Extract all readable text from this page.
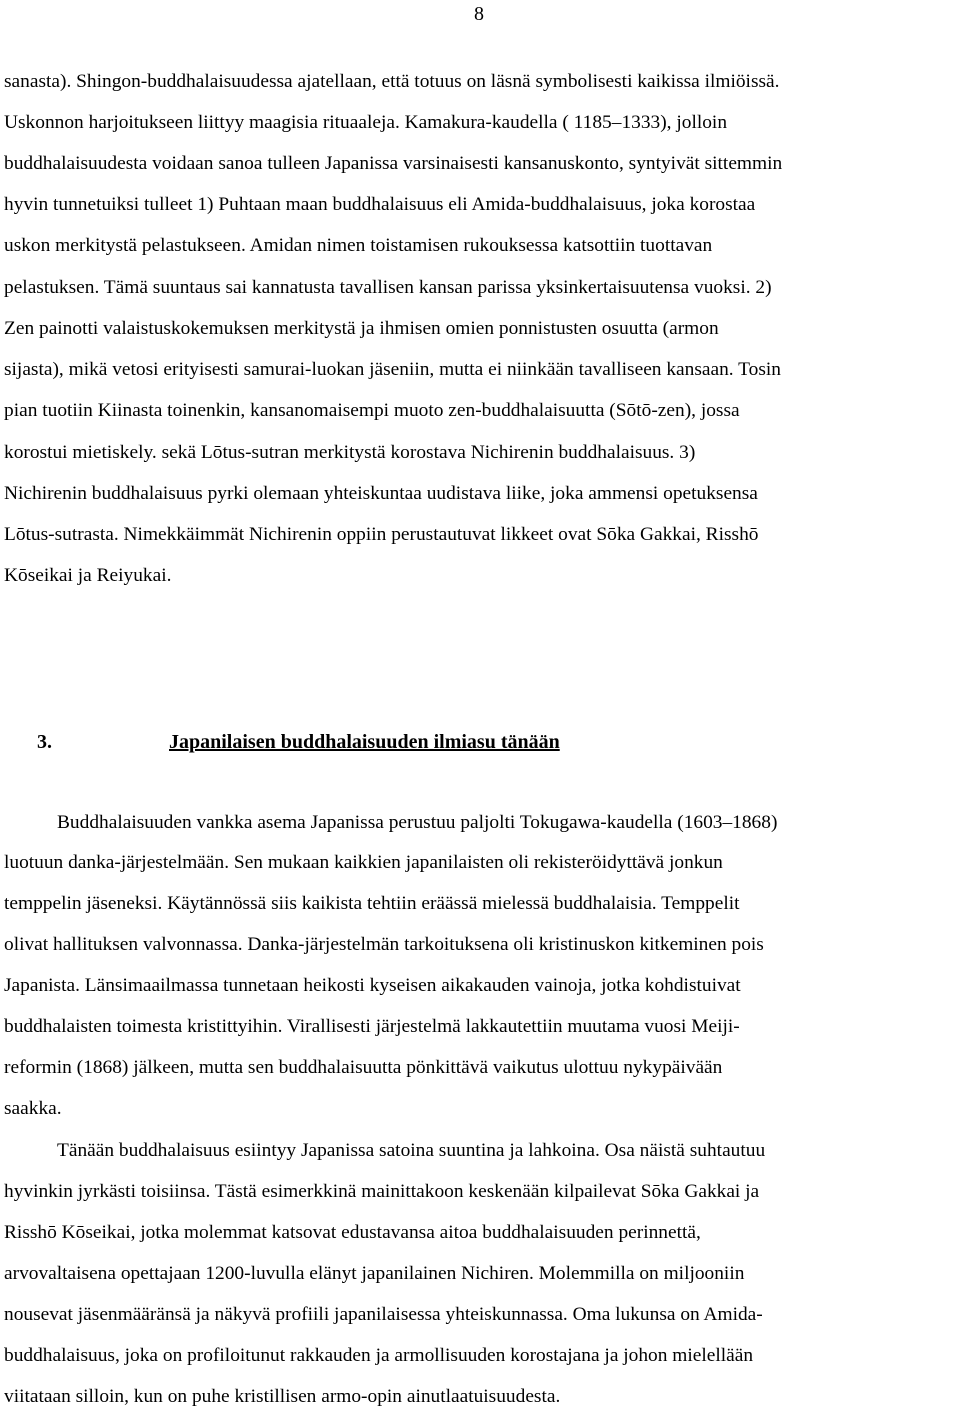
8
sanasta). Shingon-buddhalaisuudessa ajatellaan, että totuus on läsnä symbolisesti kaikissa ilmiöissä.
Uskonnon harjoitukseen liittyy maagisia rituaaleja. Kamakura-kaudella ( 1185–1333), jolloin
buddhalaisuudesta voidaan sanoa tulleen Japanissa varsinaisesti kansanuskonto, syntyivät sittemmin
hyvin tunnetuiksi tulleet 1) Puhtaan maan buddhalaisuus eli Amida-buddhalaisuus, joka korostaa
uskon merkitystä pelastukseen. Amidan nimen toistamisen rukouksessa katsottiin tuottavan
pelastuksen. Tämä suuntaus sai kannatusta tavallisen kansan parissa yksinkertaisuutensa vuoksi. 2)
Zen painotti valaistuskokemuksen merkitystä ja ihmisen omien ponnistusten osuutta (armon
sijasta), mikä vetosi erityisesti samurai-luokan jäseniin, mutta ei niinkään tavalliseen kansaan. Tosin
pian tuotiin Kiinasta toinenkin, kansanomaisempi muoto zen-buddhalaisuutta (Sōtō-zen), jossa
korostui mietiskely. sekä Lōtus-sutran merkitystä korostava Nichirenin buddhalaisuus. 3)
Nichirenin buddhalaisuus pyrki olemaan yhteiskuntaa uudistava liike, joka ammensi opetuksensa
Lōtus-sutrasta. Nimekkäimmät Nichirenin oppiin perustautuvat likkeet ovat Sōka Gakkai, Risshō
Kōseikai ja Reiyukai.
3.	Japanilaisen buddhalaisuuden ilmiasu tänään
Buddhalaisuuden vankka asema Japanissa perustuu paljolti Tokugawa-kaudella (1603–1868)
luotuun danka-järjestelmään. Sen mukaan kaikkien japanilaisten oli rekisteröidyttävä jonkun
temppelin jäseneksi. Käytännössä siis kaikista tehtiin eräässä mielessä buddhalaisia. Temppelit
olivat hallituksen valvonnassa. Danka-järjestelmän tarkoituksena oli kristinuskon kitkeminen pois
Japanista. Länsimaailmassa tunnetaan heikosti kyseisen aikakauden vainoja, jotka kohdistuivat
buddhalaisten toimesta kristittyihin. Virallisesti järjestelmä lakkautettiin muutama vuosi Meiji-
reformin (1868) jälkeen, mutta sen buddhalaisuutta pönkittävä vaikutus ulottuu nykypäivään
saakka.
Tänään buddhalaisuus esiintyy Japanissa satoina suuntina ja lahkoina. Osa näistä suhtautuu
hyvinkin jyrkästi toisiinsa. Tästä esimerkkinä mainittakoon keskenään kilpailevat Sōka Gakkai ja
Risshō Kōseikai, jotka molemmat katsovat edustavansa aitoa buddhalaisuuden perinnettä,
arvovaltaisena opettajaan 1200-luvulla elänyt japanilainen Nichiren. Molemmilla on miljooniin
nousevat jäsenmääränsä ja näkyvä profiili japanilaisessa yhteiskunnassa. Oma lukunsa on Amida-
buddhalaisuus, joka on profiloitunut rakkauden ja armollisuuden korostajana ja johon mielellään
viitataan silloin, kun on puhe kristillisen armo-opin ainutlaatuisuudesta.
